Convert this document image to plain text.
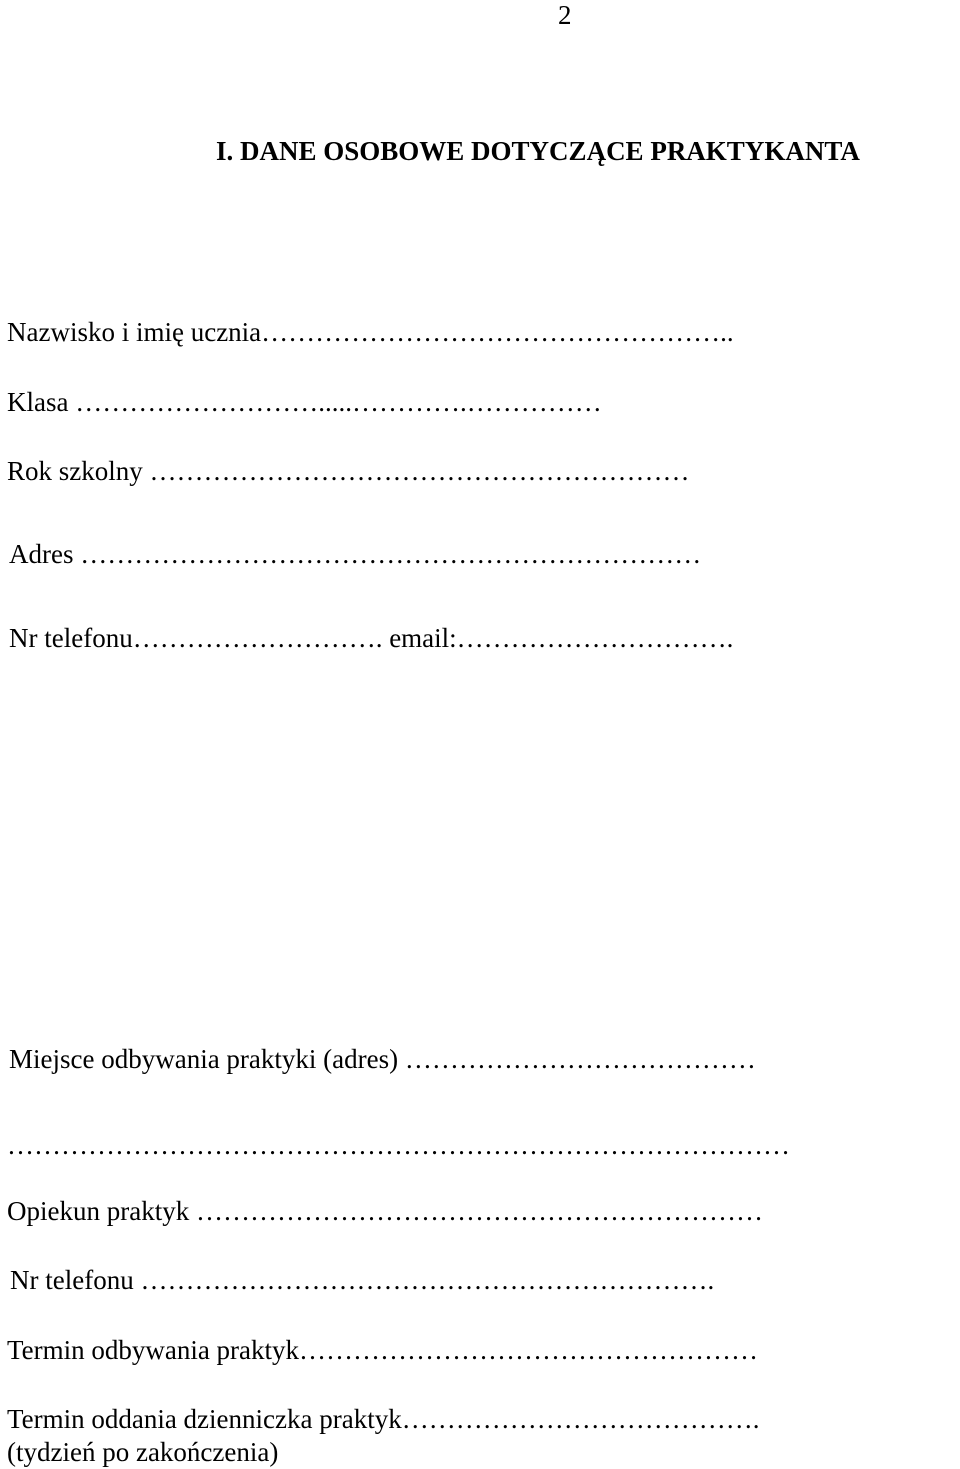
2
I. DANE OSOBOWE DOTYCZĄCE PRAKTYKANTA
Nazwisko i imię ucznia……………………………………………..
Klasa ……………………….....………….……………
Rok szkolny ……………………………………………………
Adres ……………………………………………………………
Nr telefonu………………………. email:………………………….
Miejsce odbywania praktyki (adres) …………………………………
……………………………………………………………………………
Opiekun praktyk ………………………………………………………
Nr telefonu ……………………………………………………….
Termin odbywania praktyk……………………………………………
Termin oddania dzienniczka praktyk………………………………….
(tydzień po zakończenia)
